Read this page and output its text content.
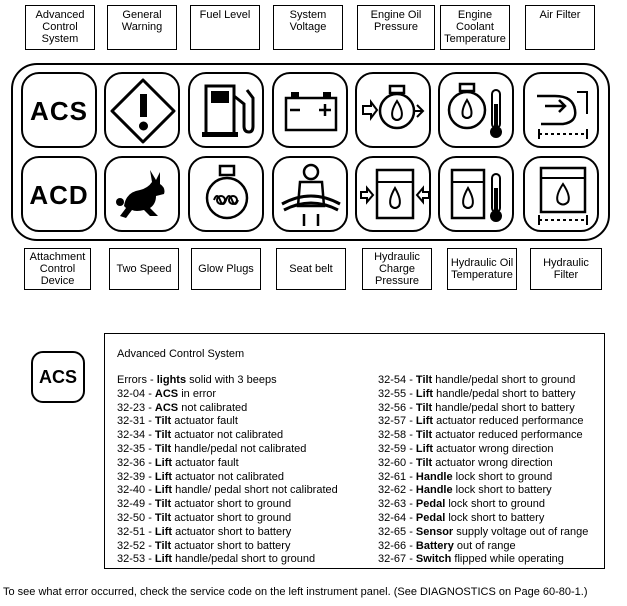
Advanced Control System
General Warning
Fuel Level	System Voltage
Engine Oil Pressure
Engine Coolant Temperature
Air Filter
ACS
ACD
Attachment Control Device
Two Speed	Glow Plugs	Seat belt
Hydraulic Charge Pressure
Hydraulic Oil Temperature
Hydraulic Filter
ACS
Advanced Control System
Errors - lights solid with 3 beeps
32-04 - ACS in error
32-23 - ACS not calibrated
32-31 - Tilt actuator fault
32-34 - Tilt actuator not calibrated
32-35 - Tilt handle/pedal not calibrated
32-36 - Lift actuator fault
32-39 - Lift actuator not calibrated
32-40 - Lift handle/ pedal short not calibrated
32-49 - Tilt actuator short to ground
32-50 - Tilt actuator short to ground
32-51 - Lift actuator short to battery
32-52 - Tilt actuator short to battery
32-53 - Lift handle/pedal short to ground
32-54 - Tilt handle/pedal short to ground
32-55 - Lift handle/pedal short to battery
32-56 - Tilt handle/pedal short to battery
32-57 - Lift actuator reduced performance
32-58 - Tilt actuator reduced performance
32-59 - Lift actuator wrong direction
32-60 - Tilt actuator wrong direction
32-61 - Handle lock short to ground
32-62 - Handle lock short to battery
32-63 - Pedal lock short to ground
32-64 - Pedal lock short to battery
32-65 - Sensor supply voltage out of range
32-66 - Battery out of range
32-67 - Switch flipped while operating
To see what error occurred, check the service code on the left instrument panel. (See DIAGNOSTICS on Page 60-80-1.)
